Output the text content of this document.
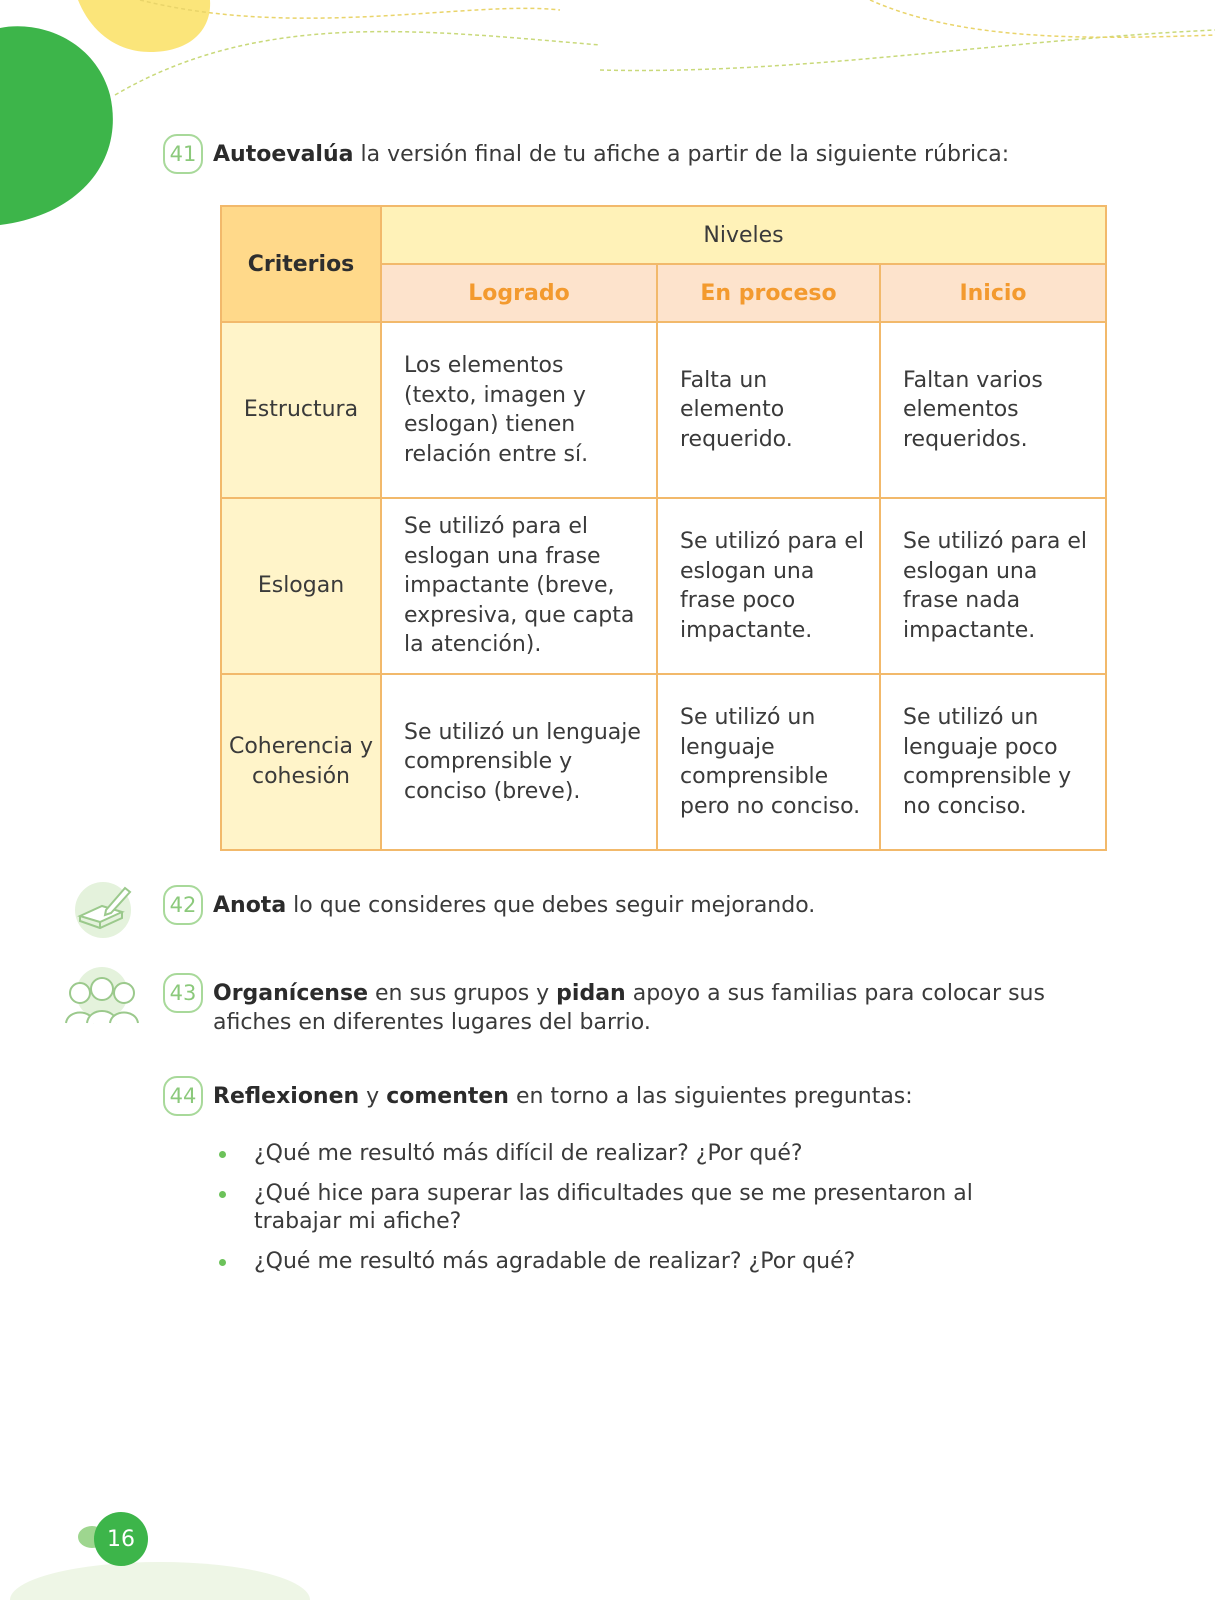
41 Autoevalúa la versión final de tu afiche a partir de la siguiente rúbrica:
Criterios	Niveles		
	Logrado	En proceso	Inicio
Estructura	Los elementos (texto, imagen y eslogan) tienen relación entre sí.	Falta un elemento requerido.	Faltan varios elementos requeridos.

Eslogan	Se utilizó para el eslogan una frase impactante (breve, expresiva, que capta la atención).	Se utilizó para el eslogan una frase poco impactante.	Se utilizó para el eslogan una frase nada impactante.

Coherencia y cohesión	Se utilizó un lenguaje comprensible y conciso (breve).	Se utilizó un lenguaje comprensible pero no conciso.	Se utilizó un lenguaje poco comprensible y no conciso.
42 Anota lo que consideres que debes seguir mejorando.
43 Organícense en sus grupos y pidan apoyo a sus familias para colocar sus afiches en diferentes lugares del barrio.
44 Reflexionen y comenten en torno a las siguientes preguntas:
¿Qué me resultó más difícil de realizar? ¿Por qué?
¿Qué hice para superar las dificultades que se me presentaron al trabajar mi afiche?
¿Qué me resultó más agradable de realizar? ¿Por qué?
16
